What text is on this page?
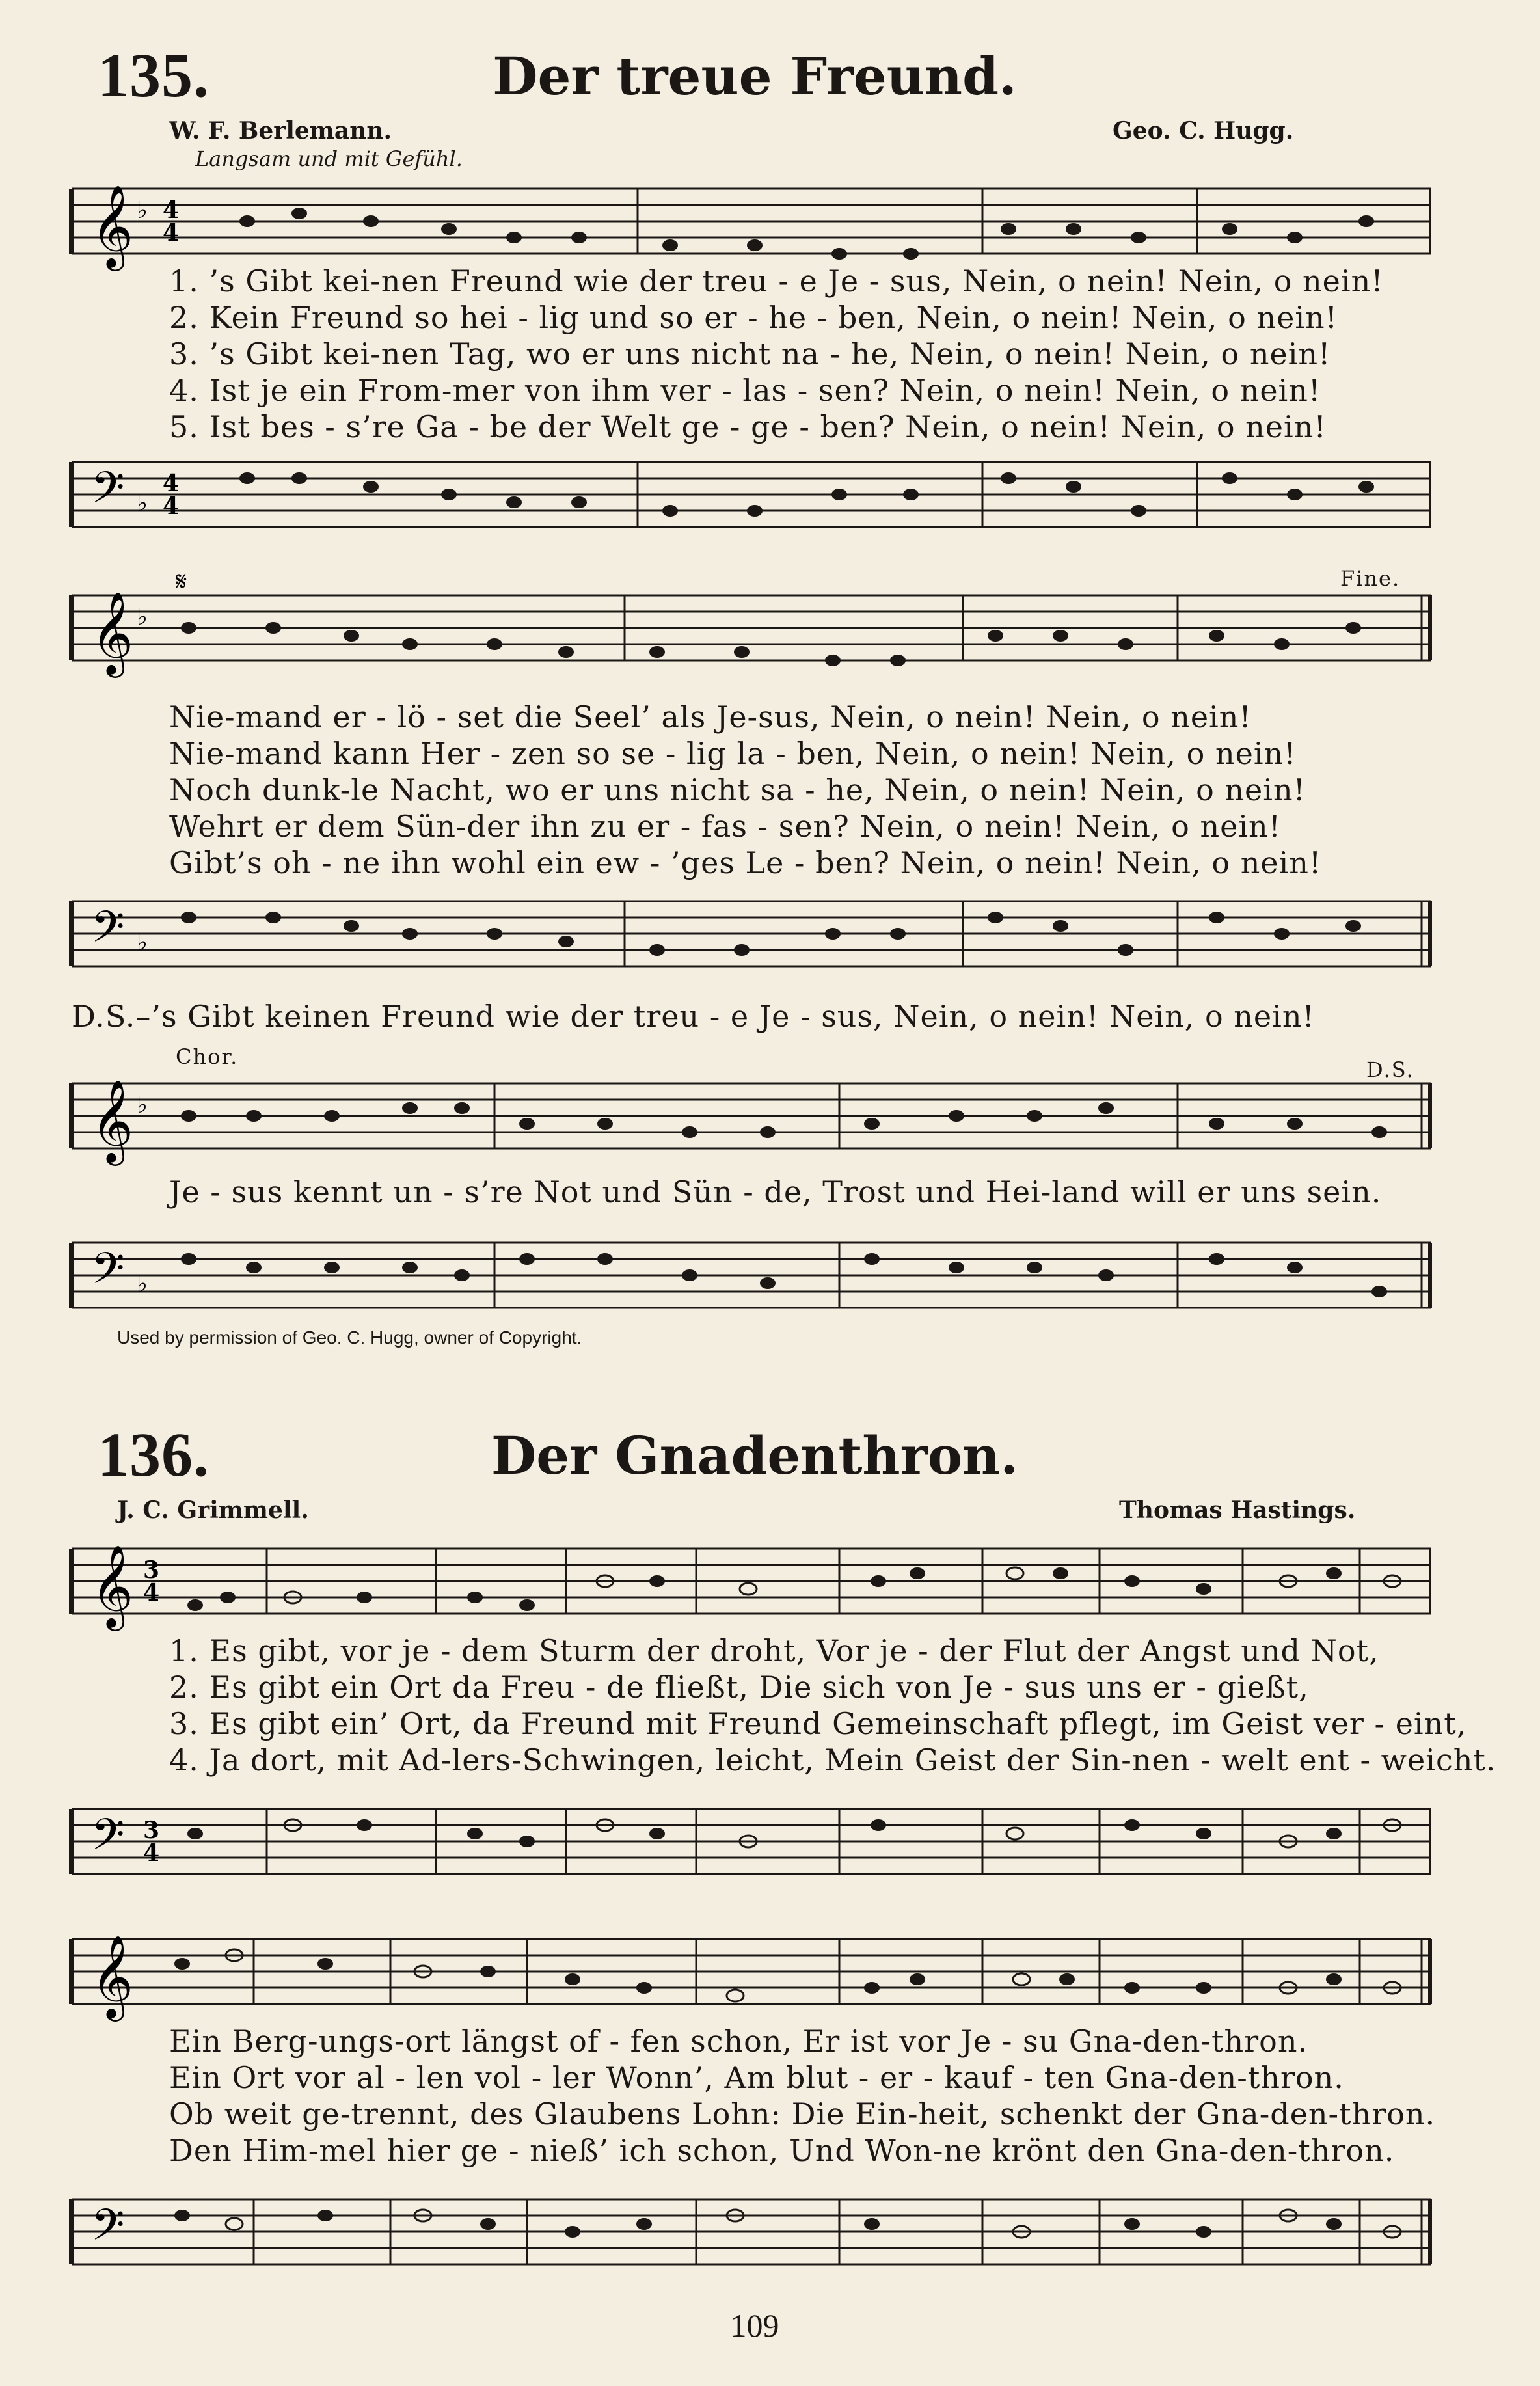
135.	Der treue Freund.
W. F. Berlemann.	Geo. C. Hugg.
Langsam und mit Gefühl.
𝄞 ♭ 4
4
1. ’s Gibt kei-nen Freund wie der treu - e Je - sus, Nein, o nein! Nein, o nein!
2. Kein Freund so hei - lig und so er - he - ben, Nein, o nein! Nein, o nein!
3. ’s Gibt kei-nen Tag, wo er uns nicht na - he, Nein, o nein! Nein, o nein!
4. Ist je ein From-mer von ihm ver - las - sen? Nein, o nein! Nein, o nein!
5. Ist bes - s’re Ga - be der Welt ge - ge - ben? Nein, o nein! Nein, o nein!
𝄢 ♭
4
4
Fine.
𝄞 ♭
𝄋
Nie-mand er - lö - set die Seel’ als Je-sus, Nein, o nein! Nein, o nein!
Nie-mand kann Her - zen so se - lig la - ben, Nein, o nein! Nein, o nein!
Noch dunk-le Nacht, wo er uns nicht sa - he, Nein, o nein! Nein, o nein!
Wehrt er dem Sün-der ihn zu er - fas - sen? Nein, o nein! Nein, o nein!
Gibt’s oh - ne ihn wohl ein ew - ’ges Le - ben? Nein, o nein! Nein, o nein!
𝄢 ♭
D.S.–’s Gibt keinen Freund wie der treu - e Je - sus, Nein, o nein! Nein, o nein!
Chor.
D.S.
𝄞 ♭
Je - sus kennt un - s’re Not und Sün - de, Trost und Hei-land will er uns sein.
𝄢 ♭
Used by permission of Geo. C. Hugg, owner of Copyright.
136.	Der Gnadenthron.
J. C. Grimmell.	Thomas Hastings.
𝄞 3
4
1. Es gibt, vor je - dem Sturm der droht, Vor je - der Flut der Angst und Not,
2. Es gibt ein Ort da Freu - de fließt, Die sich von Je - sus uns er - gießt,
3. Es gibt ein’ Ort, da Freund mit Freund Gemeinschaft pflegt, im Geist ver - eint,
4. Ja dort, mit Ad-lers-Schwingen, leicht, Mein Geist der Sin-nen - welt ent - weicht.
𝄢 3
4
𝄞
Ein Berg-ungs-ort längst of - fen schon, Er ist vor Je - su Gna-den-thron.
Ein Ort vor al - len vol - ler Wonn’, Am blut - er - kauf - ten Gna-den-thron.
Ob weit ge-trennt, des Glaubens Lohn: Die Ein-heit, schenkt der Gna-den-thron.
Den Him-mel hier ge - nieß’ ich schon, Und Won-ne krönt den Gna-den-thron.
𝄢
109
